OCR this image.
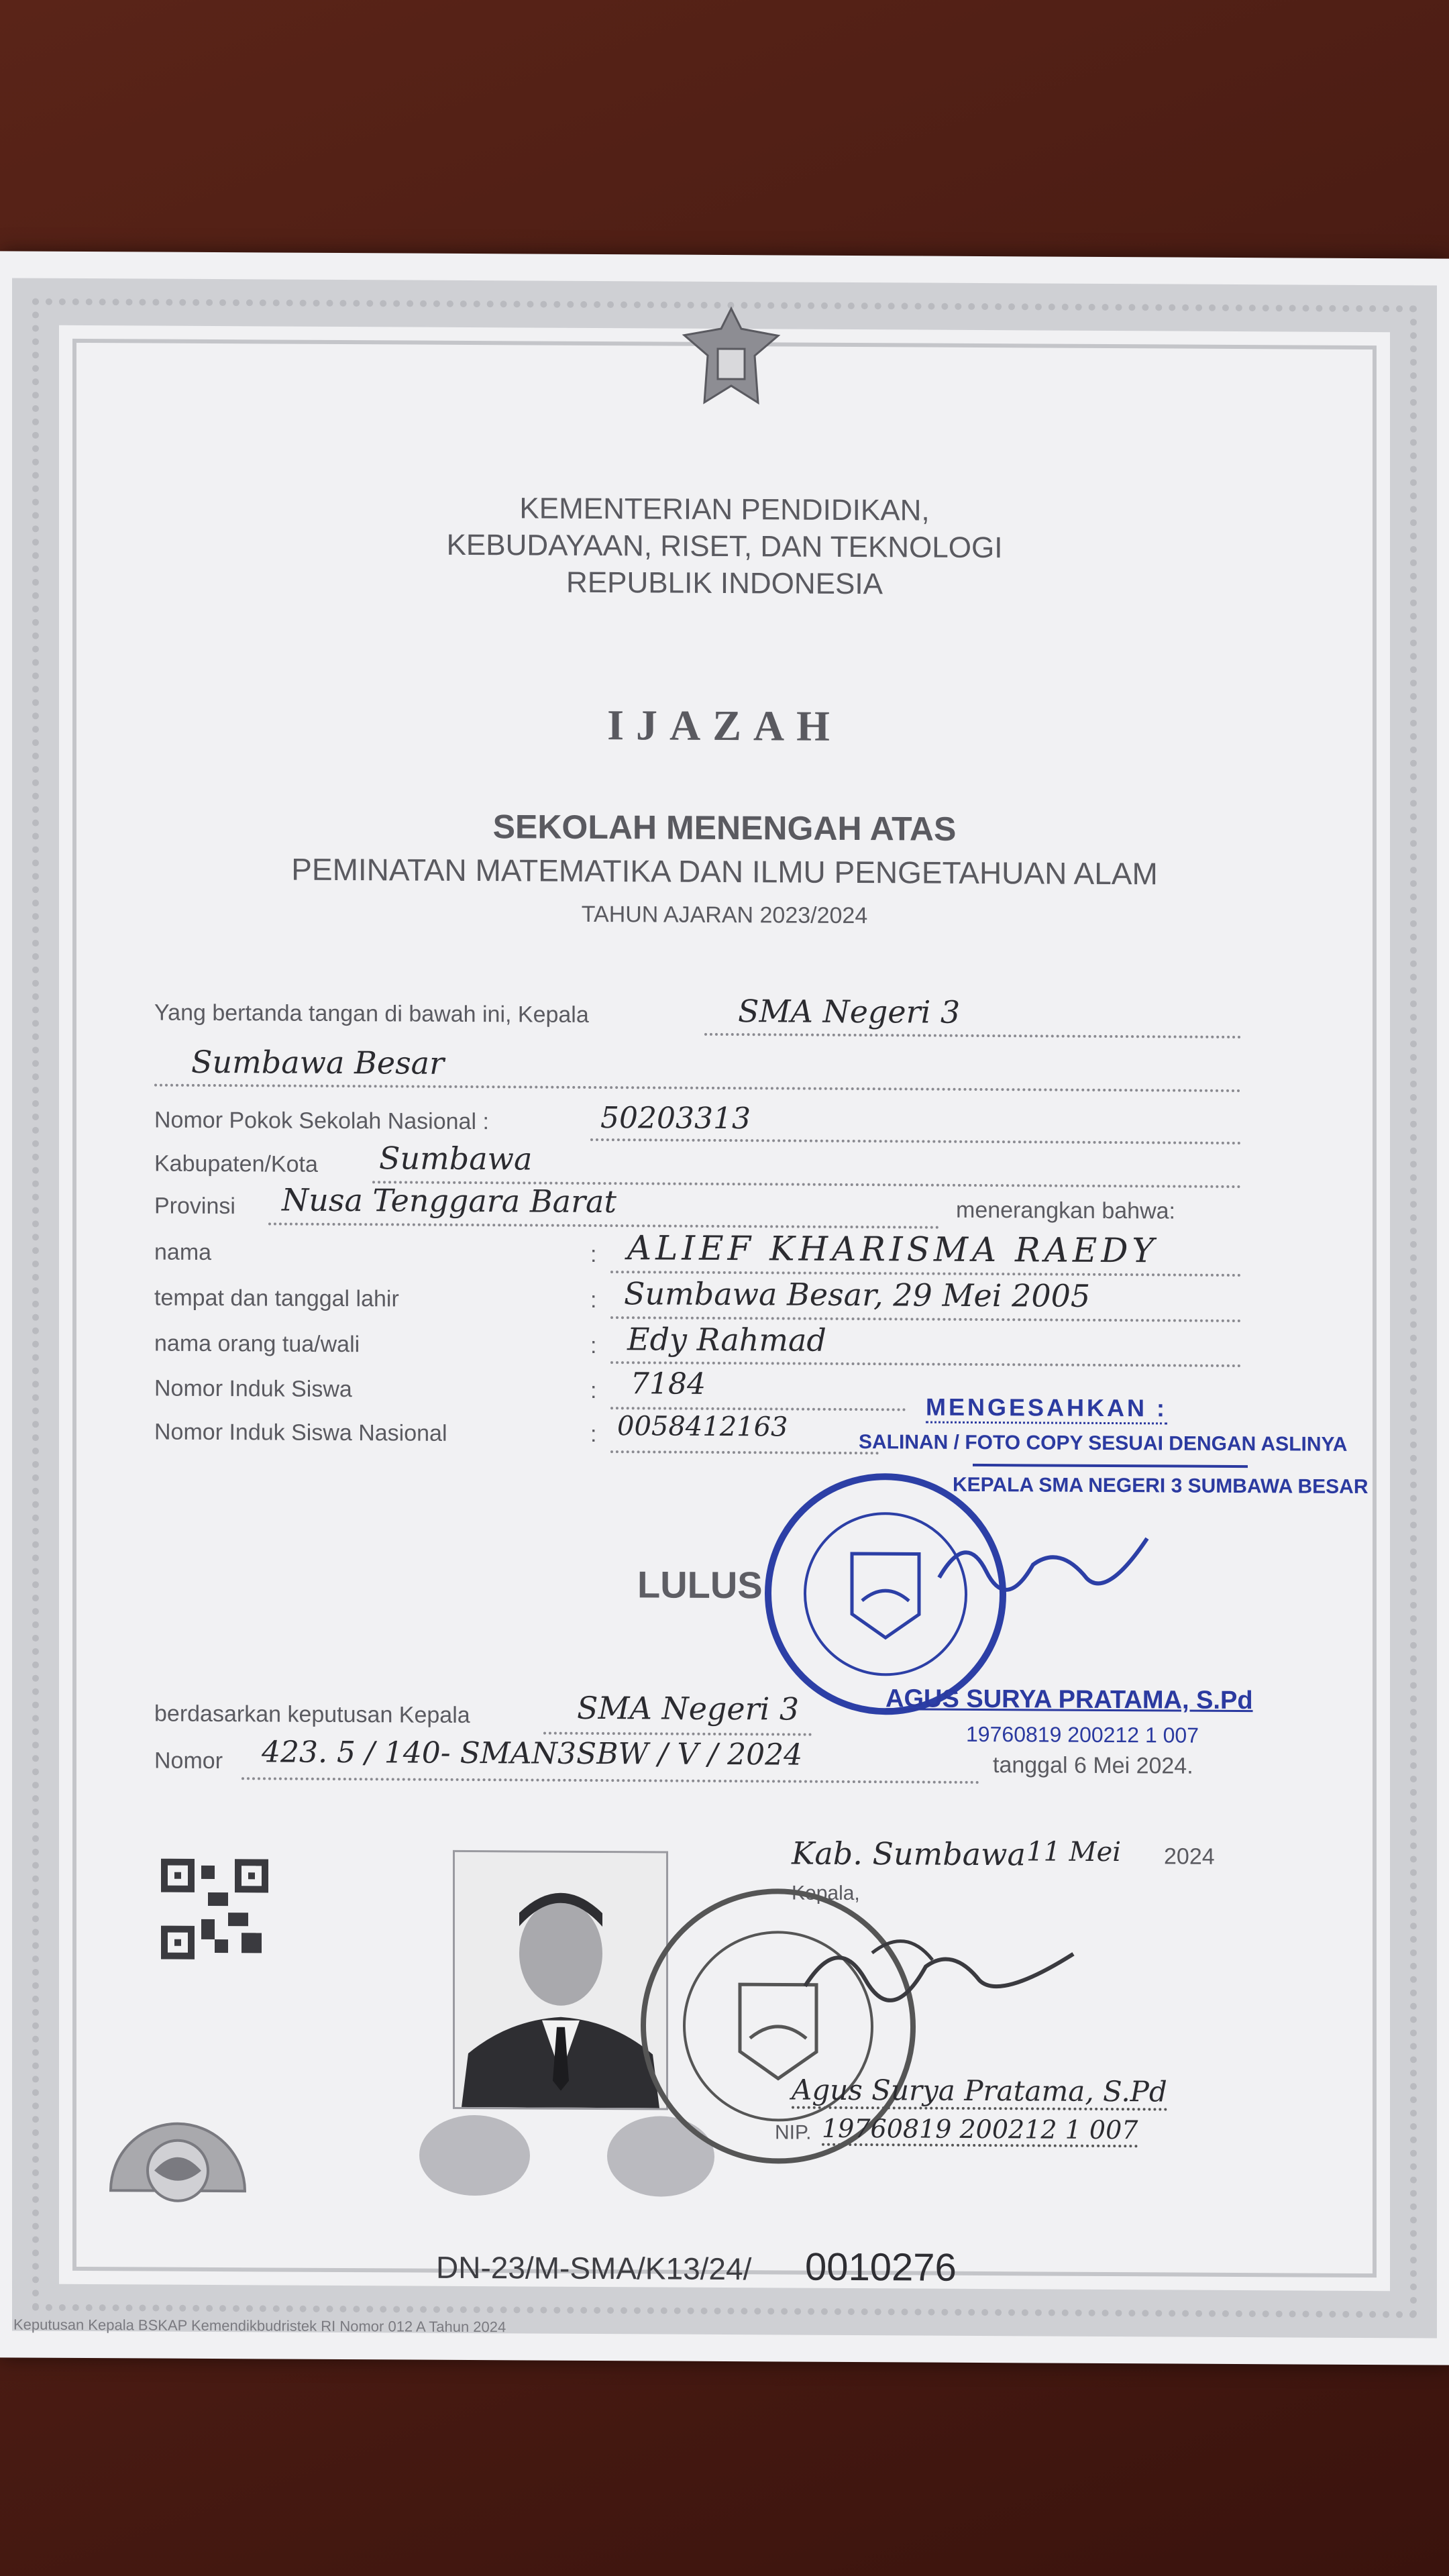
KEMENTERIAN PENDIDIKAN,
KEBUDAYAAN, RISET, DAN TEKNOLOGI
REPUBLIK INDONESIA
IJAZAH
SEKOLAH MENENGAH ATAS
PEMINATAN MATEMATIKA DAN ILMU PENGETAHUAN ALAM
TAHUN AJARAN 2023/2024
Yang bertanda tangan di bawah ini, Kepala	SMA Negeri 3
Sumbawa Besar
Nomor Pokok Sekolah Nasional :	50203313
Kabupaten/Kota Sumbawa
Provinsi Nusa Tenggara Barat	menerangkan bahwa:
nama	: ALIEF KHARISMA RAEDY
tempat dan tanggal lahir	: Sumbawa Besar, 29 Mei 2005
nama orang tua/wali	: Edy Rahmad
Nomor Induk Siswa	: 7184
Nomor Induk Siswa Nasional	: 0058412163
MENGESAHKAN :
SALINAN / FOTO COPY SESUAI DENGAN ASLINYA
KEPALA SMA NEGERI 3 SUMBAWA BESAR
LULUS
AGUS SURYA PRATAMA, S.Pd
19760819 200212 1 007
berdasarkan keputusan Kepala	SMA Negeri 3
Nomor 423. 5 / 140- SMAN3SBW / V / 2024	tanggal 6 Mei 2024.
Kab. Sumbawa 11 Mei 2024
Kepala,
Agus Surya Pratama, S.Pd
NIP. 19760819 200212 1 007
DN-23/M-SMA/K13/24/ 0010276
Keputusan Kepala BSKAP Kemendikbudristek RI Nomor 012 A Tahun 2024
